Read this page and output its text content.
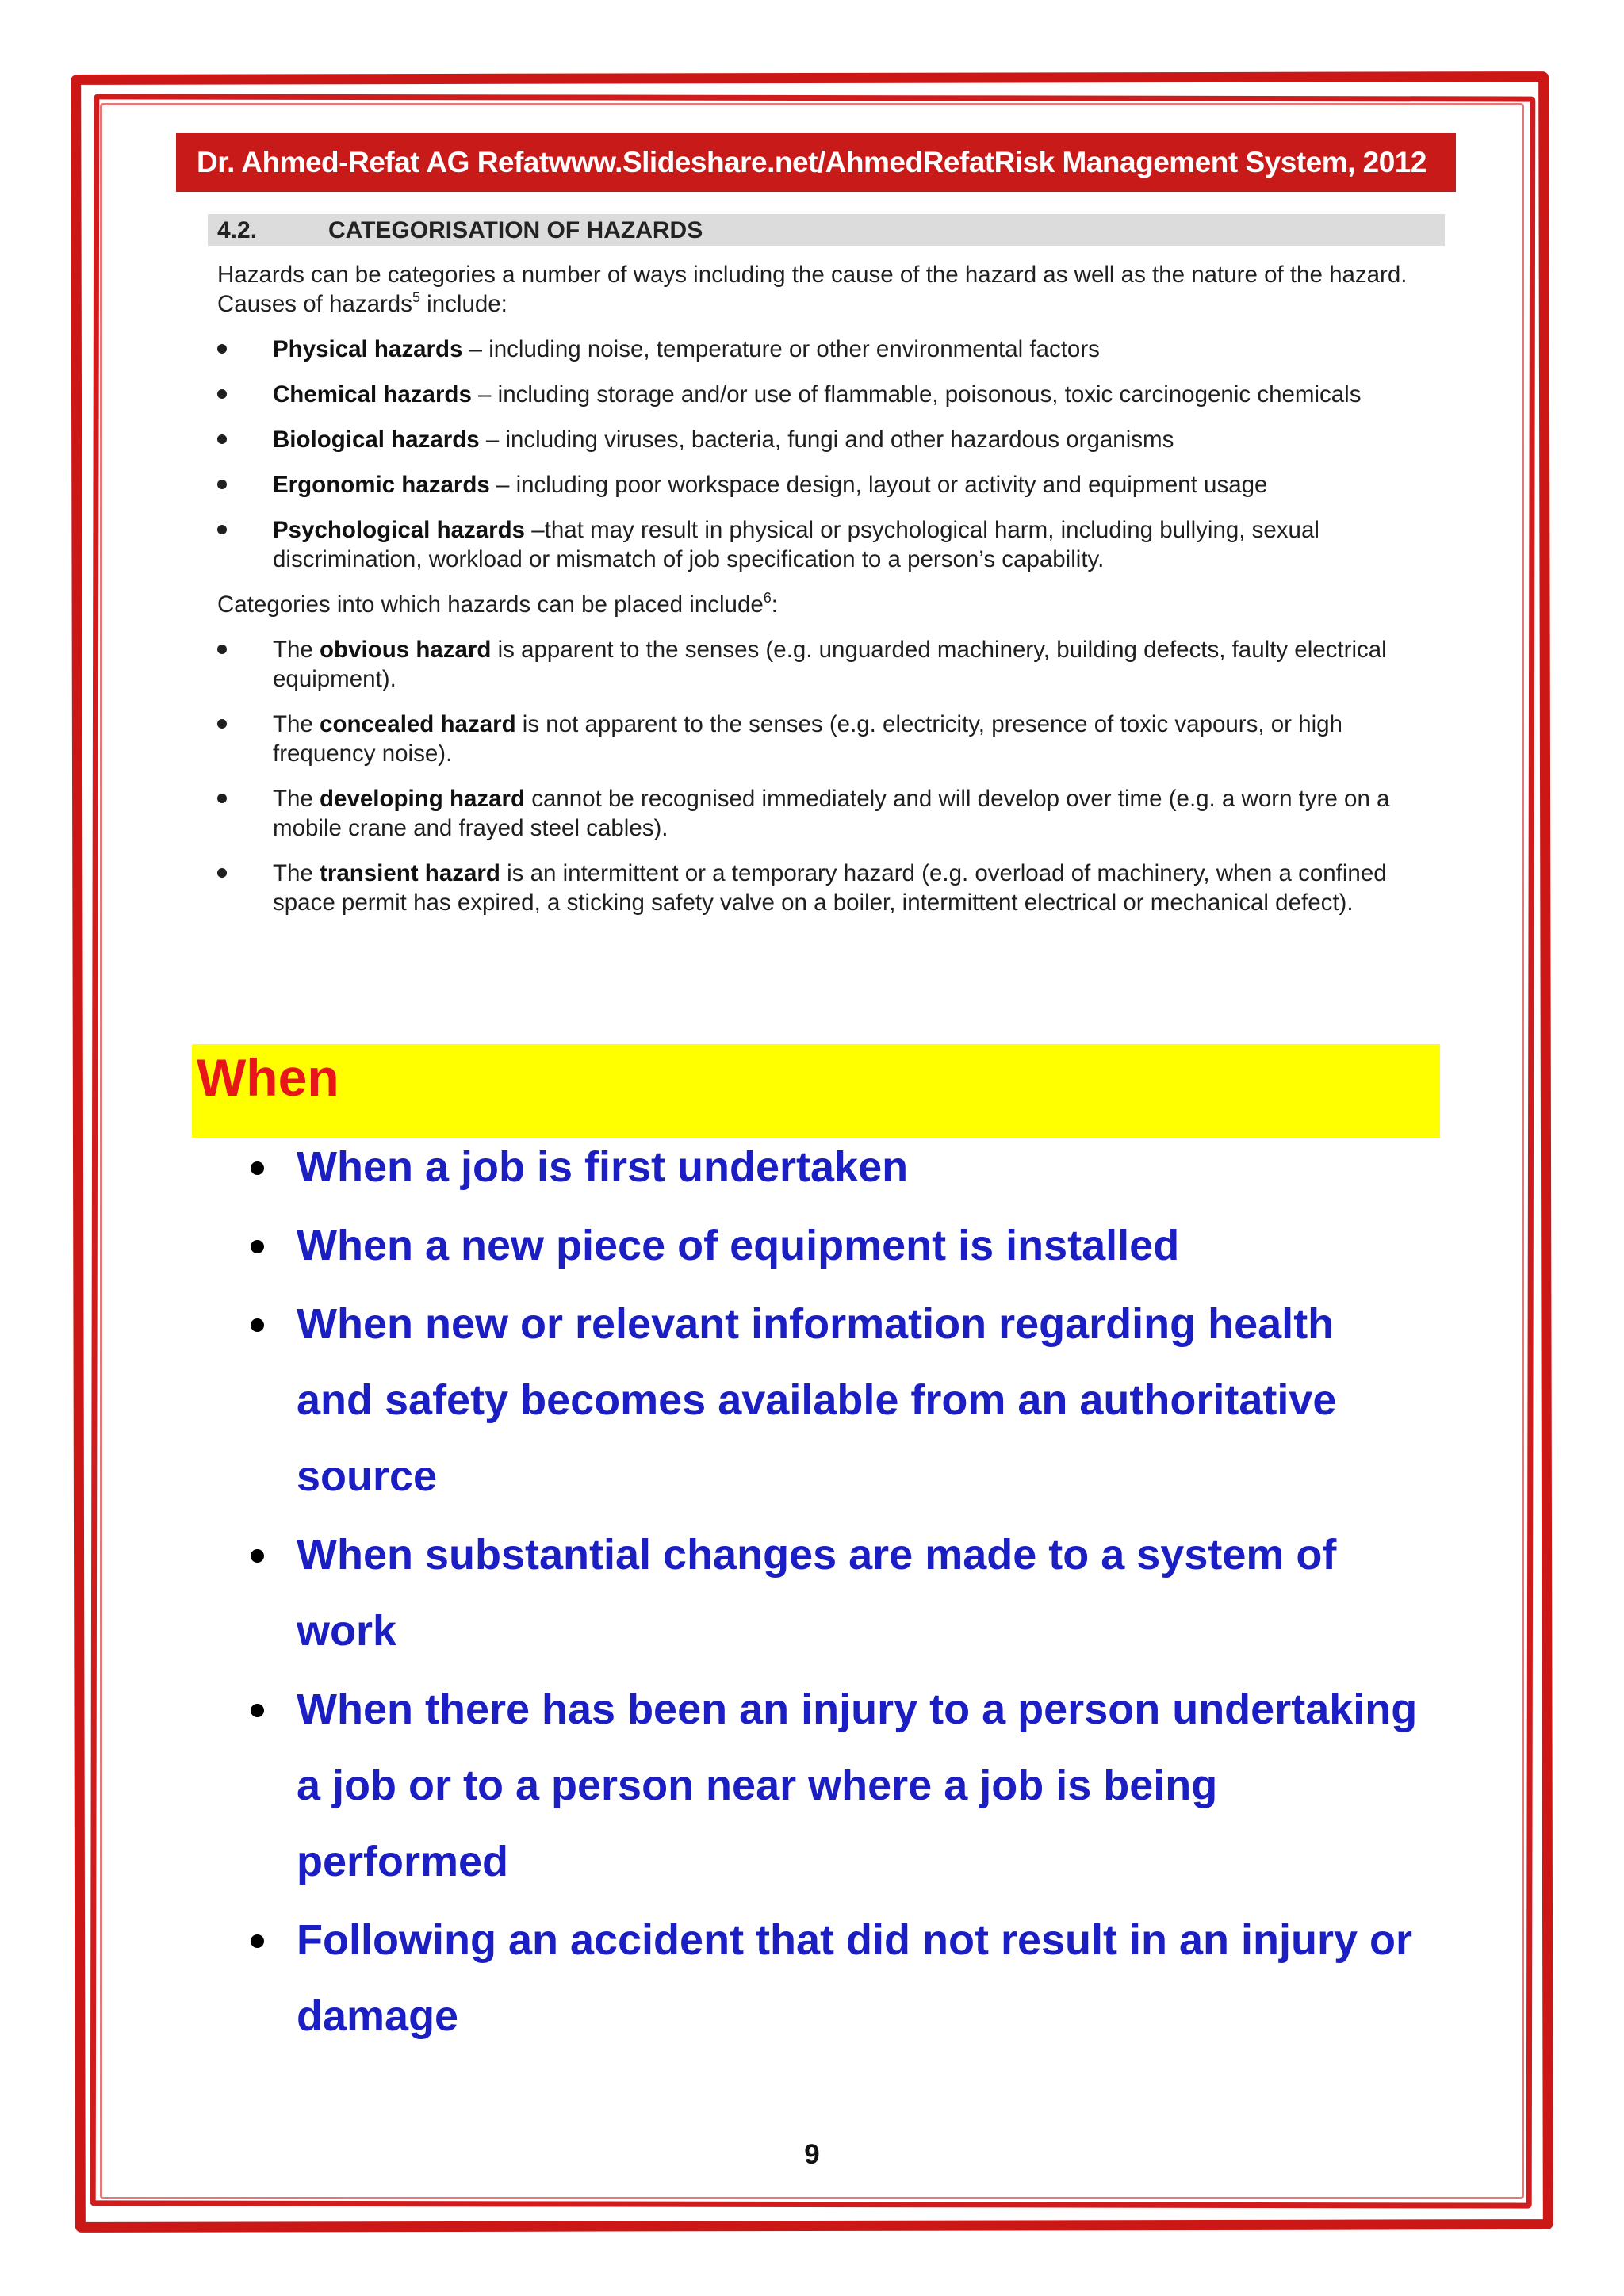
Dr. Ahmed-Refat AG Refat www.Slideshare.net/AhmedRefat Risk Management System, 2012
4.2.	CATEGORISATION OF HAZARDS

Hazards can be categories a number of ways including the cause of the hazard as well as the nature of the hazard. Causes of hazards$^5$ include:

Physical hazards – including noise, temperature or other environmental factors
Chemical hazards – including storage and/or use of flammable, poisonous, toxic carcinogenic chemicals
Biological hazards – including viruses, bacteria, fungi and other hazardous organisms
Ergonomic hazards – including poor workspace design, layout or activity and equipment usage
Psychological hazards –that may result in physical or psychological harm, including bullying, sexual discrimination, workload or mismatch of job specification to a person’s capability.

Categories into which hazards can be placed include$^6$:

The obvious hazard is apparent to the senses (e.g. unguarded machinery, building defects, faulty electrical equipment).
The concealed hazard is not apparent to the senses (e.g. electricity, presence of toxic vapours, or high frequency noise).
The developing hazard cannot be recognised immediately and will develop over time (e.g. a worn tyre on a mobile crane and frayed steel cables).
The transient hazard is an intermittent or a temporary hazard (e.g. overload of machinery, when a confined space permit has expired, a sticking safety valve on a boiler, intermittent electrical or mechanical defect).
When
When a job is first undertaken
When a new piece of equipment is installed
When new or relevant information regarding health and safety becomes available from an authoritative source
When substantial changes are made to a system of work
When there has been an injury to a person undertaking a job or to a person near where a job is being performed
Following an accident that did not result in an injury or damage
9
